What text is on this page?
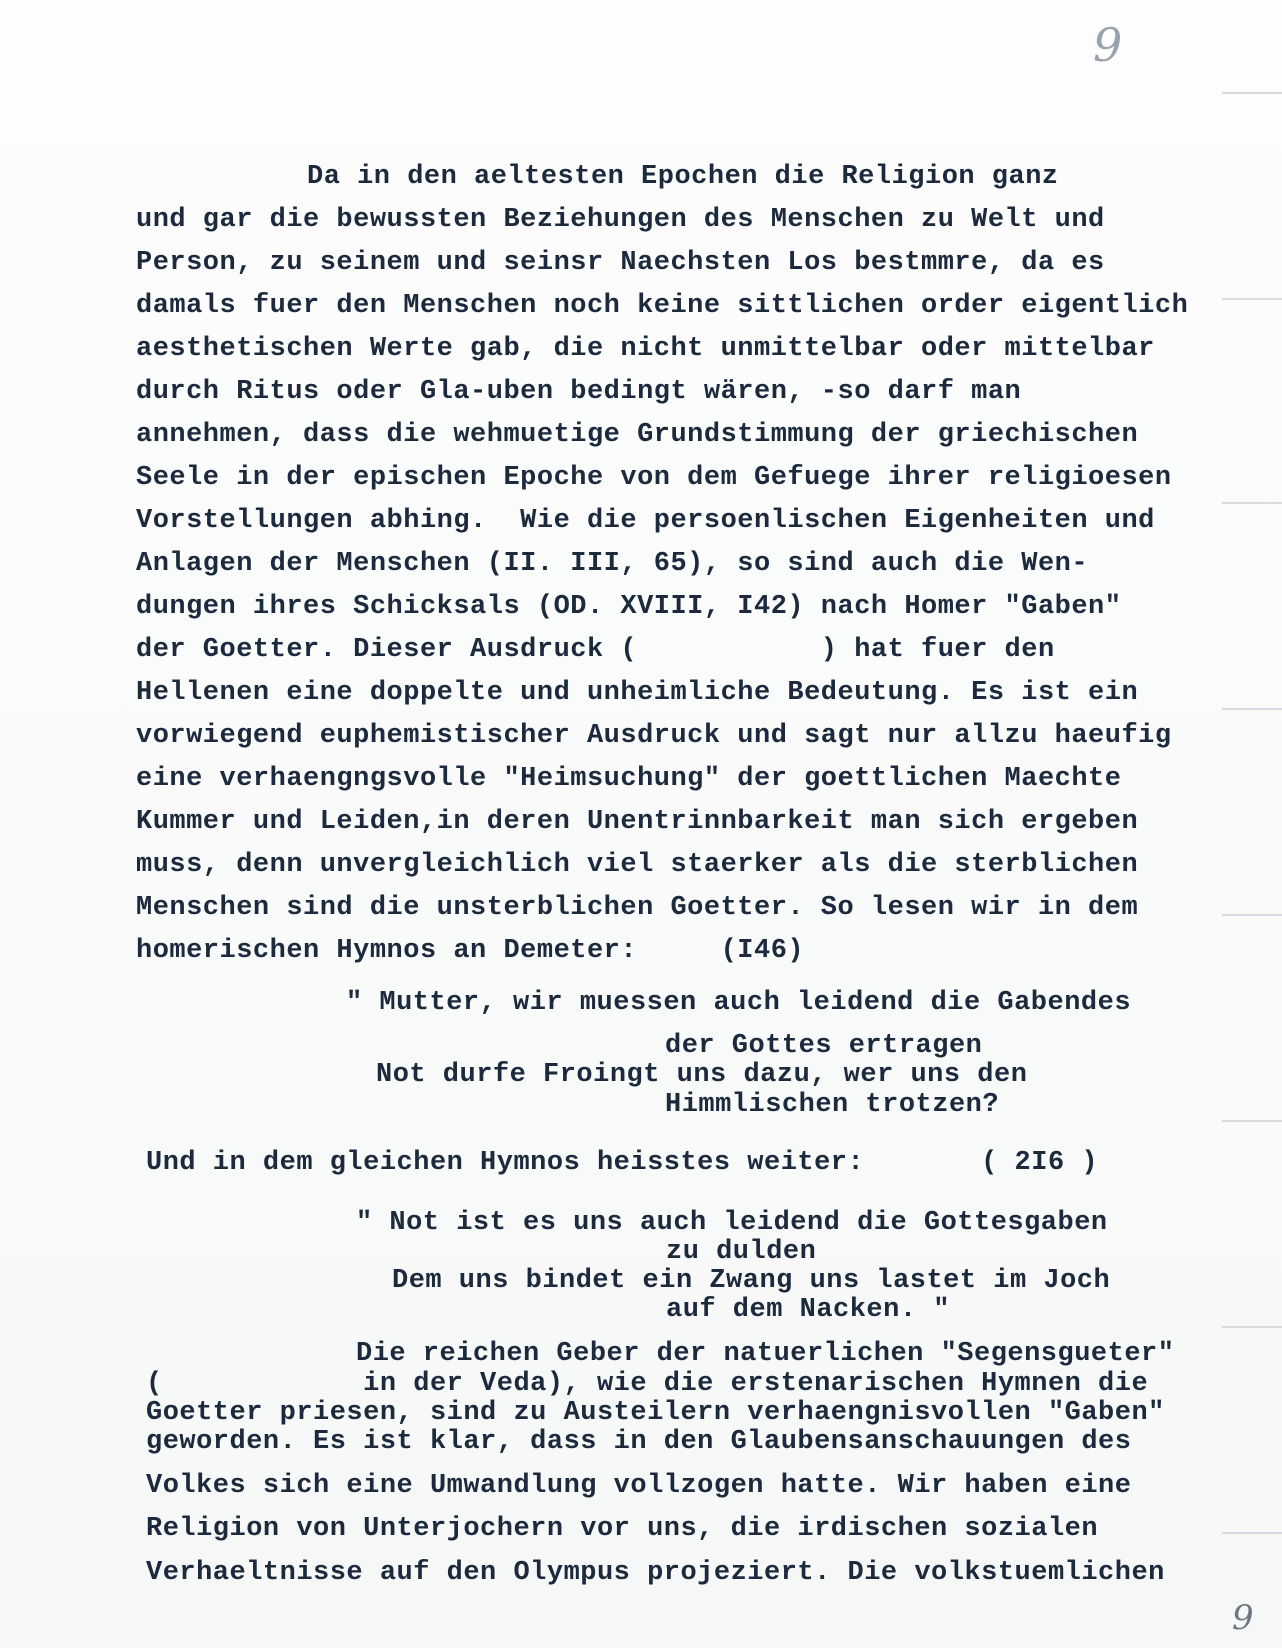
9
Da in den aeltesten Epochen die Rеligion ganz
und gar die bewussten Beziehungen des Menschen zu Welt und
Person, zu seinem und seinsr Naechsten Los bestmmre, da es
damals fuer den Menschen noch keine sittlichen order eigentlich
aesthetischen Werte gab, die nicht unmittelbar oder mittelbar
durch Ritus oder Gla-uben bedingt wären, -so darf man
annehmen, dass die wehmuetige Grundstimmung der griechischen
Seele in der epischen Epoche von dem Gefuege ihrer religioesen
Vorstellungen abhing.  Wie die persoenlischen Eigenheiten und
Anlagen der Menschen (II. III, 65), so sind auch die Wen-
dungen ihres Schicksals (OD. XVIII, I42) nach Homer "Gaben"
der Goetter. Dieser Ausdruck (           ) hat fuer den
Hellenen eine doppelte und unheimliche Bedeutung. Es ist ein
vorwiegend euphemistischer Ausdruck und sagt nur allzu haeufig
eine verhaengngsvolle "Heimsuchung" der goettlichen Maechte
Kummer und Leiden,in deren Unentrinnbarkeit man sich ergeben
muss, denn unvergleichlich viel staerker als die sterblichen
Menschen sind die unsterblichen Goetter. So lesen wir in dem
homerischen Hymnos an Demeter:     (I46)
" Mutter, wir muessen auch leidend die Gabendes
der Gottes ertragen
Not durfe Froingt uns dazu, wer uns den
Himmlischen trotzen?
Und in dem gleichen Hymnos heisstes weiter:       ( 2I6 )
" Not ist es uns auch leidend die Gottesgaben
zu dulden
Dem uns bindet ein Zwang uns lastet im Joch
auf dem Nacken. "
Die reichen Geber der natuerlichen "Segensgueter"
(            in der Veda), wie die erstenarischen Hymnen die
Goetter priesen, sind zu Austeilern verhaengnisvollen "Gaben"
geworden. Es ist klar, dass in den Glaubensanschauungen des
Volkes sich eine Umwandlung vollzogen hatte. Wir haben eine
Religion von Unterjochern vor uns, die irdischen sozialen
Verhaeltnisse auf den Olympus projeziert. Die volkstuemlichen
9
